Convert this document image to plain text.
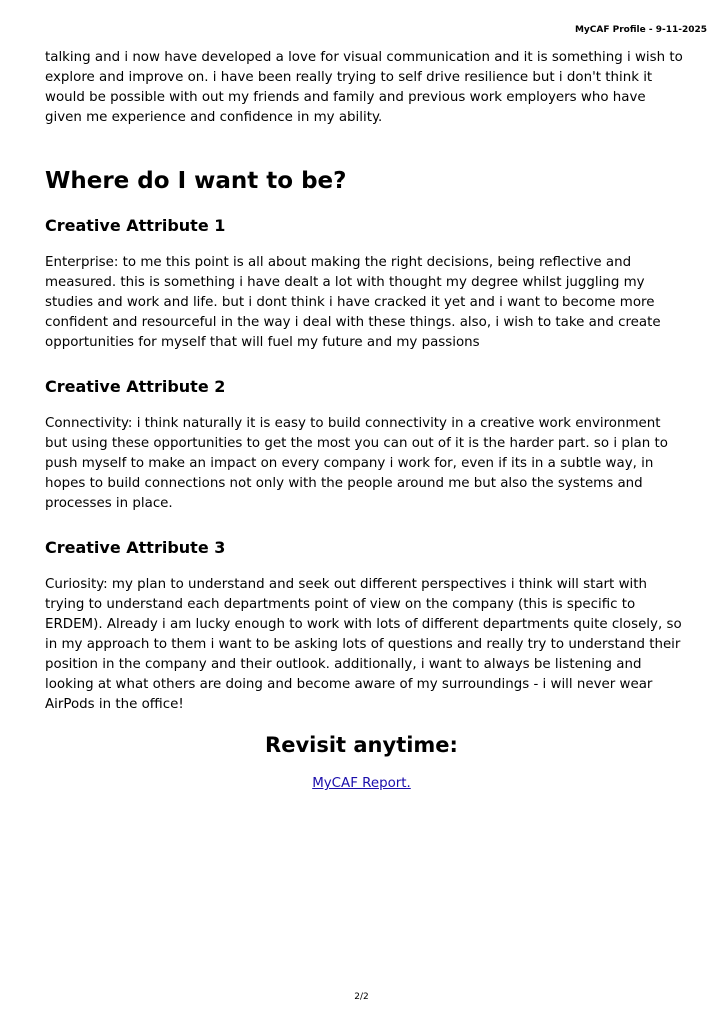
MyCAF Profile - 9-11-2025

talking and i now have developed a love for visual communication and it is something i wish to explore and improve on. i have been really trying to self drive resilience but i don't think it would be possible with out my friends and family and previous work employers who have given me experience and confidence in my ability.

Where do I want to be?
Creative Attribute 1

Enterprise: to me this point is all about making the right decisions, being reflective and measured. this is something i have dealt a lot with thought my degree whilst juggling my studies and work and life. but i dont think i have cracked it yet and i want to become more confident and resourceful in the way i deal with these things. also, i wish to take and create opportunities for myself that will fuel my future and my passions

Creative Attribute 2

Connectivity: i think naturally it is easy to build connectivity in a creative work environment but using these opportunities to get the most you can out of it is the harder part. so i plan to push myself to make an impact on every company i work for, even if its in a subtle way, in hopes to build connections not only with the people around me but also the systems and processes in place.

Creative Attribute 3

Curiosity: my plan to understand and seek out different perspectives i think will start with trying to understand each departments point of view on the company (this is specific to ERDEM). Already i am lucky enough to work with lots of different departments quite closely, so in my approach to them i want to be asking lots of questions and really try to understand their position in the company and their outlook. additionally, i want to always be listening and looking at what others are doing and become aware of my surroundings - i will never wear AirPods in the office!

Revisit anytime:
MyCAF Report.
2/2
